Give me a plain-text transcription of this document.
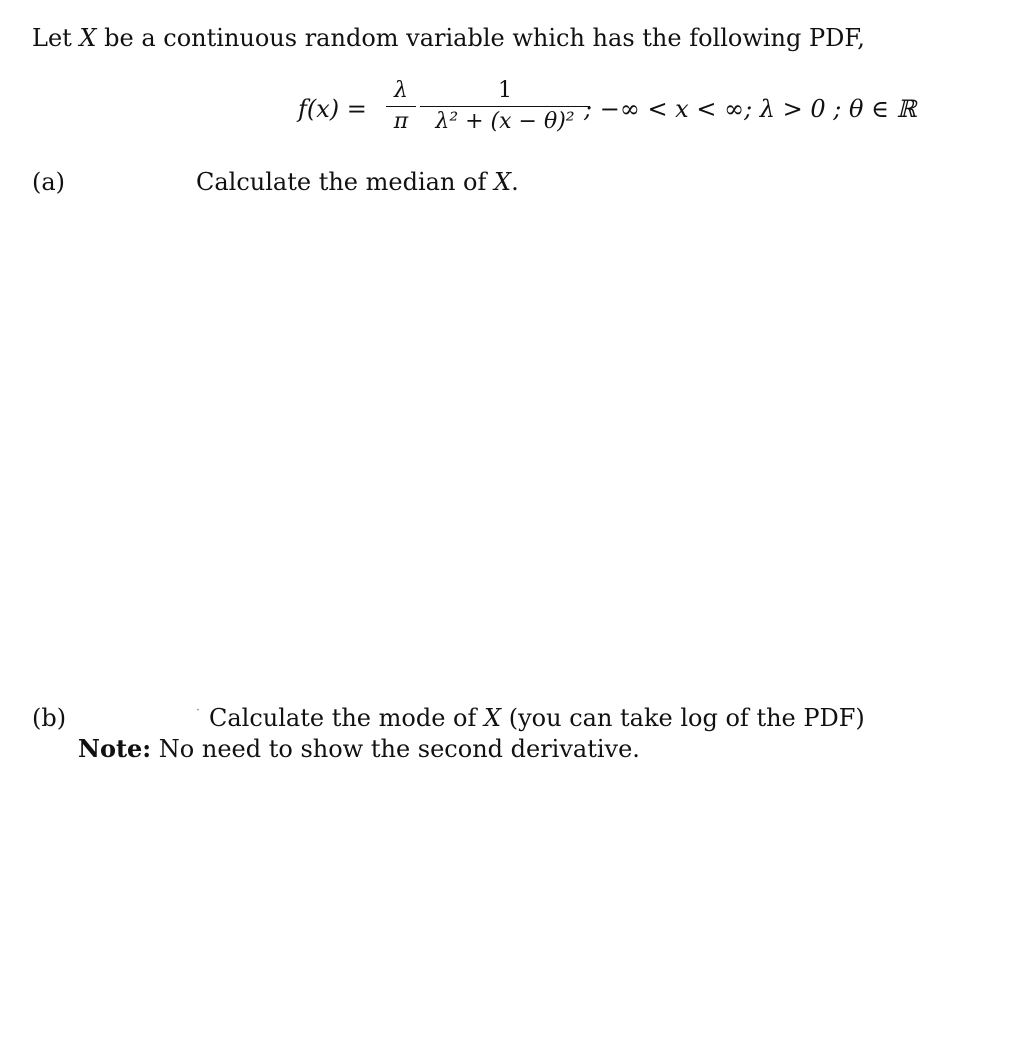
Let X be a continuous random variable which has the following PDF,
f(x) =
λ
π
1
λ² + (x − θ)² ; −∞ < x < ∞; λ > 0 ; θ ∈ ℝ
(a)	Calculate the median of X.
(b)	· Calculate the mode of X (you can take log of the PDF)
Note: No need to show the second derivative.
